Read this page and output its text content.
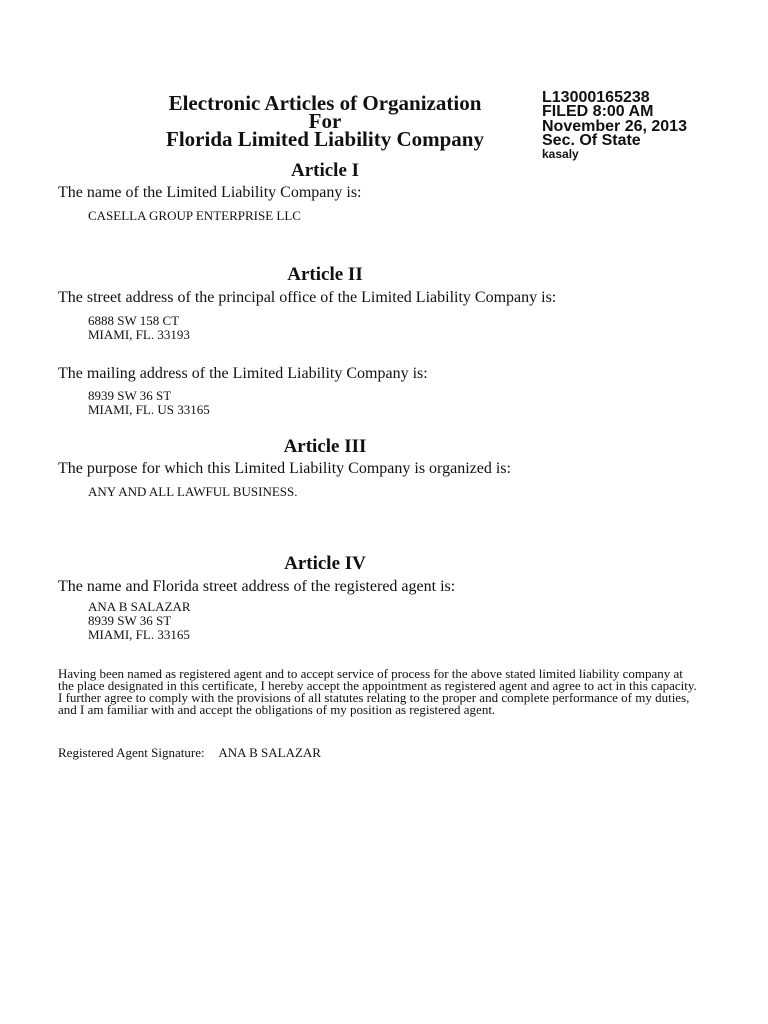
Electronic Articles of Organization
For
Florida Limited Liability Company
L13000165238
FILED 8:00 AM
November 26, 2013
Sec. Of State
kasaly
Article I
The name of the Limited Liability Company is:
CASELLA GROUP ENTERPRISE LLC
Article II
The street address of the principal office of the Limited Liability Company is:
6888 SW 158 CT
MIAMI, FL. 33193
The mailing address of the Limited Liability Company is:
8939 SW 36 ST
MIAMI, FL. US 33165
Article III
The purpose for which this Limited Liability Company is organized is:
ANY AND ALL LAWFUL BUSINESS.
Article IV
The name and Florida street address of the registered agent is:
ANA B SALAZAR
8939 SW 36 ST
MIAMI, FL. 33165
Having been named as registered agent and to accept service of process for the above stated limited liability company at the place designated in this certificate, I hereby accept the appointment as registered agent and agree to act in this capacity. I further agree to comply with the provisions of all statutes relating to the proper and complete performance of my duties, and I am familiar with and accept the obligations of my position as registered agent.
Registered Agent Signature: ANA B SALAZAR
